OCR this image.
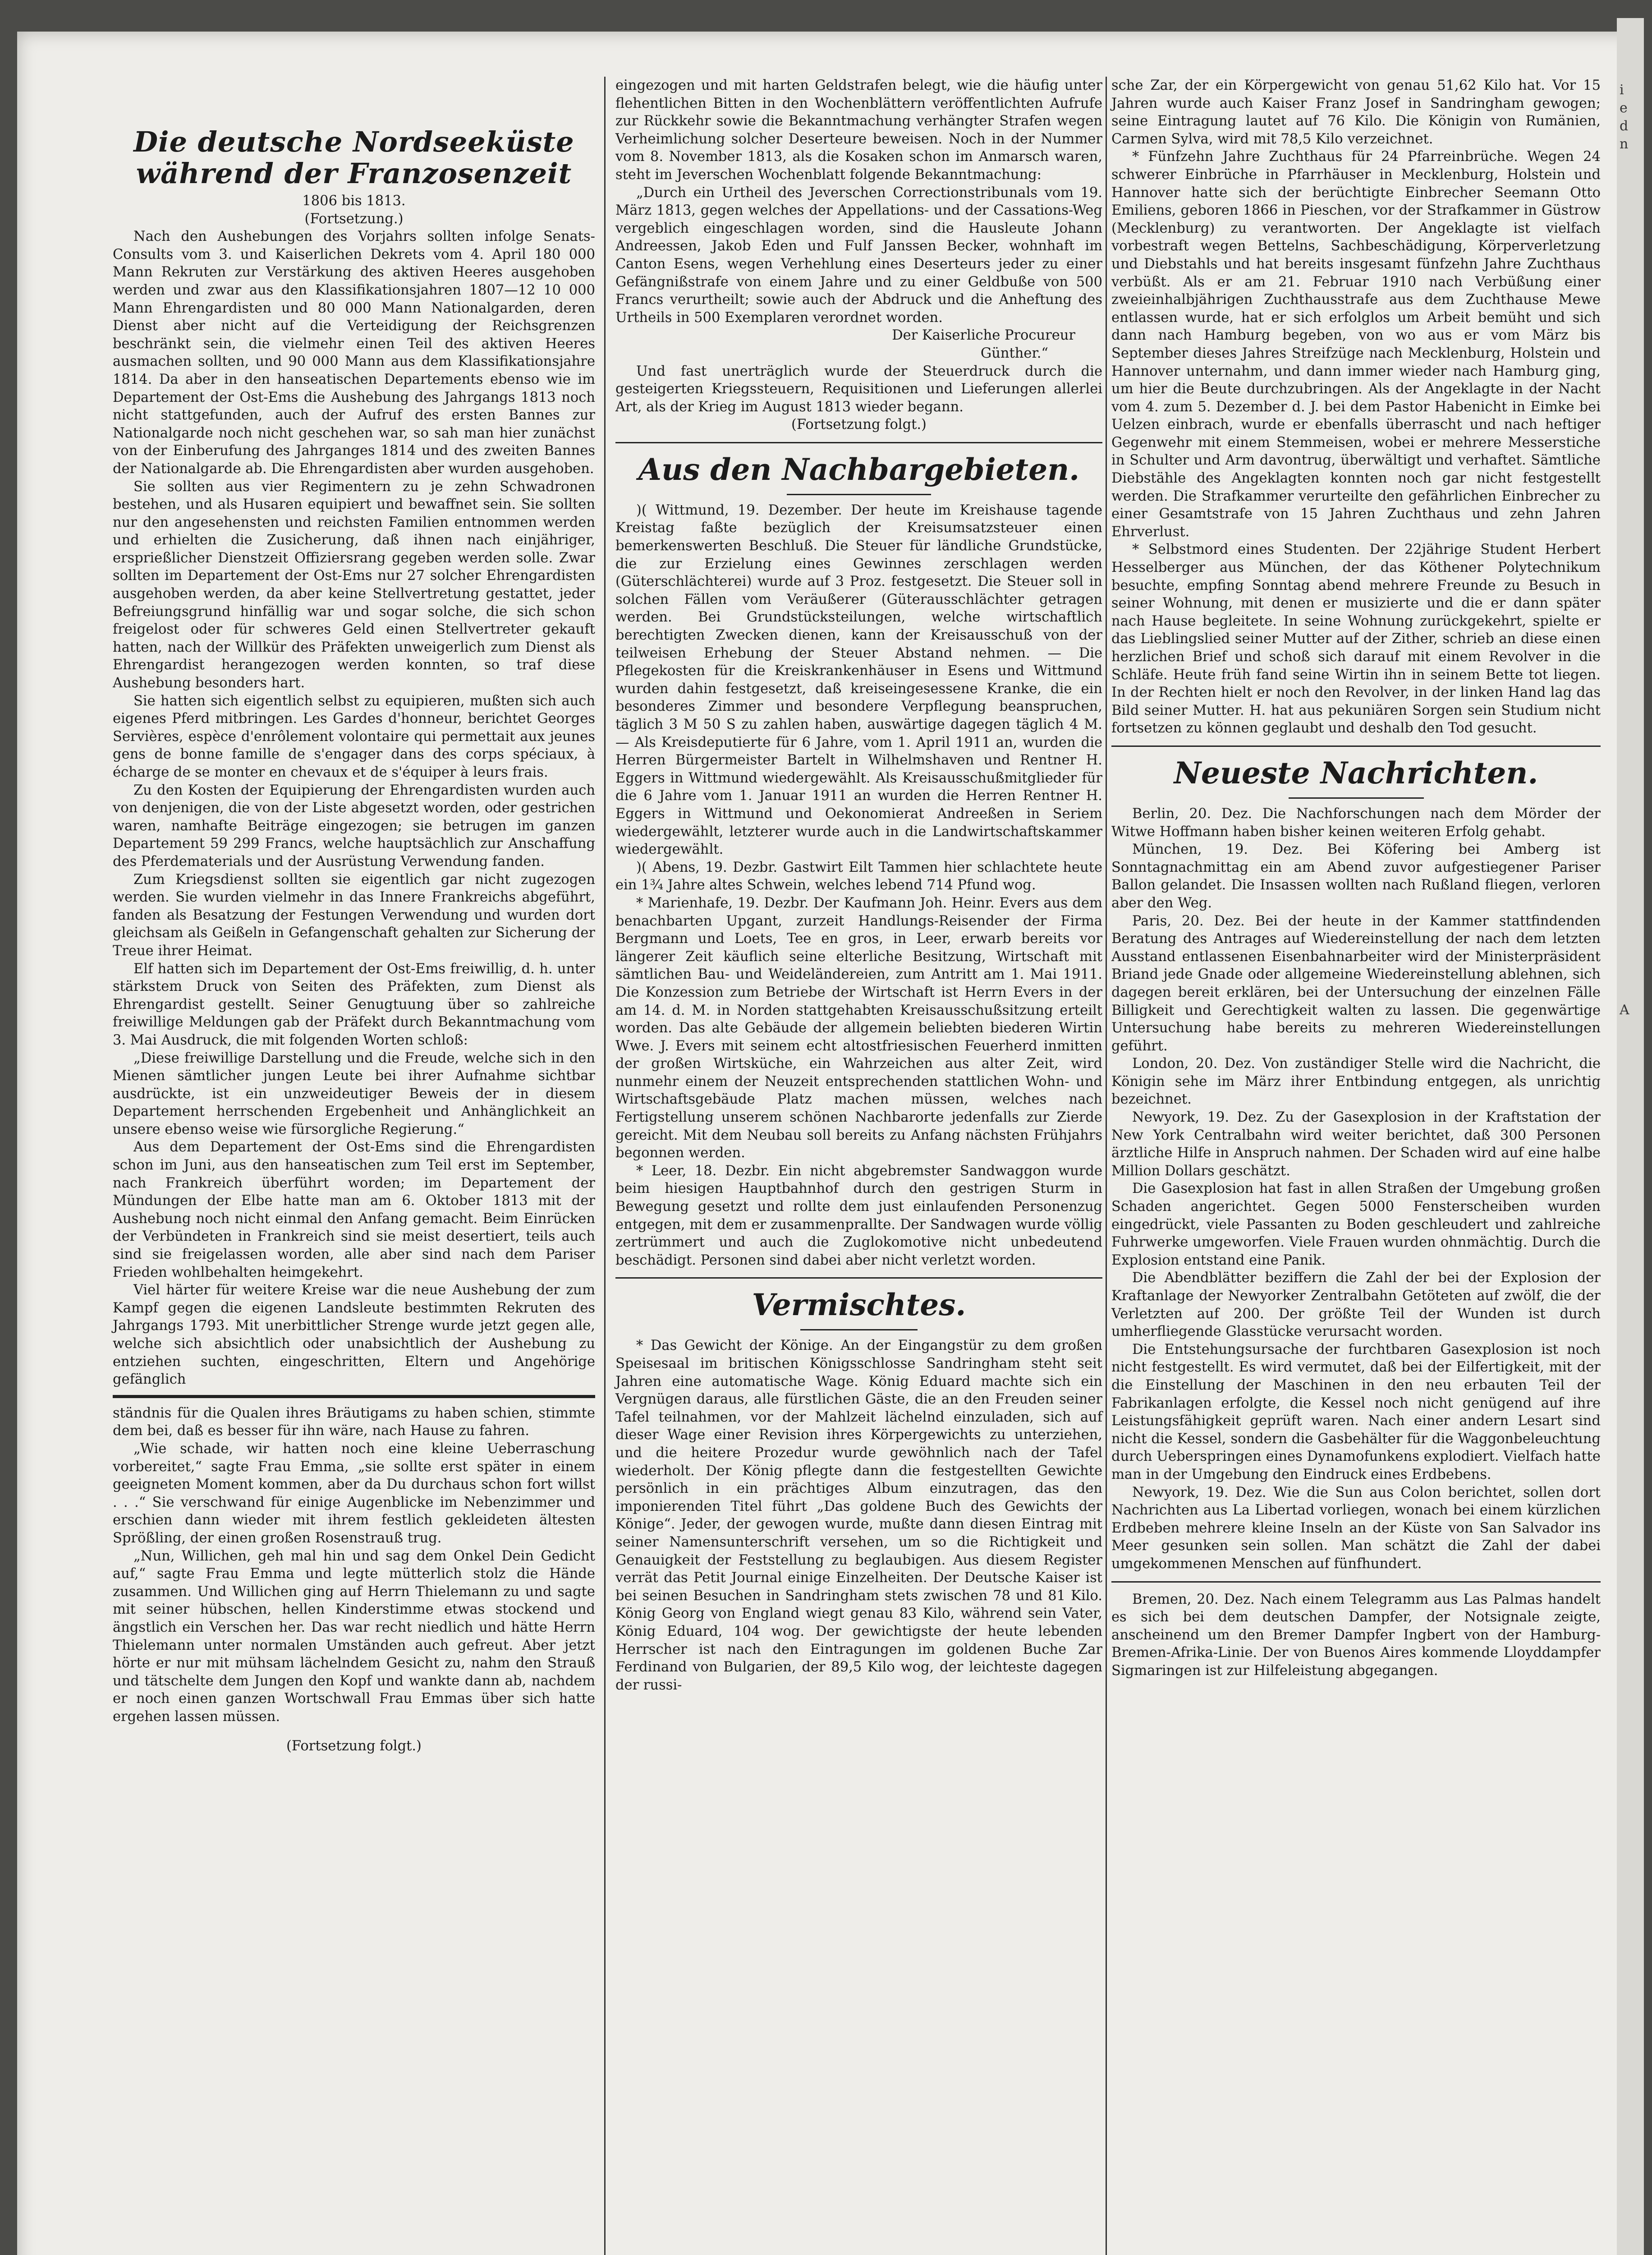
Die deutsche Nordseeküste
während der Franzosenzeit

1806 bis 1813.

(Fortsetzung.)

Nach den Aushebungen des Vorjahrs sollten infolge Senats-Consults vom 3. und Kaiserlichen Dekrets vom 4. April 180 000 Mann Rekruten zur Verstärkung des aktiven Heeres ausgehoben werden und zwar aus den Klassifikationsjahren 1807—12 10 000 Mann Ehrengardisten und 80 000 Mann Nationalgarden, deren Dienst aber nicht auf die Verteidigung der Reichsgrenzen beschränkt sein, die vielmehr einen Teil des aktiven Heeres ausmachen sollten, und 90 000 Mann aus dem Klassifikationsjahre 1814. Da aber in den hanseatischen Departements ebenso wie im Departement der Ost-Ems die Aushebung des Jahrgangs 1813 noch nicht stattgefunden, auch der Aufruf des ersten Bannes zur Nationalgarde noch nicht geschehen war, so sah man hier zunächst von der Einberufung des Jahrganges 1814 und des zweiten Bannes der Nationalgarde ab. Die Ehrengardisten aber wurden ausgehoben.

Sie sollten aus vier Regimentern zu je zehn Schwadronen bestehen, und als Husaren equipiert und bewaffnet sein. Sie sollten nur den angesehensten und reichsten Familien entnommen werden und erhielten die Zusicherung, daß ihnen nach einjähriger, ersprießlicher Dienstzeit Offiziersrang gegeben werden solle. Zwar sollten im Departement der Ost-Ems nur 27 solcher Ehrengardisten ausgehoben werden, da aber keine Stellvertretung gestattet, jeder Befreiungsgrund hinfällig war und sogar solche, die sich schon freigelost oder für schweres Geld einen Stellvertreter gekauft hatten, nach der Willkür des Präfekten unweigerlich zum Dienst als Ehrengardist herangezogen werden konnten, so traf diese Aushebung besonders hart.

Sie hatten sich eigentlich selbst zu equipieren, mußten sich auch eigenes Pferd mitbringen. Les Gardes d'honneur, berichtet Georges Servières, espèce d'enrôlement volontaire qui permettait aux jeunes gens de bonne famille de s'engager dans des corps spéciaux, à écharge de se monter en chevaux et de s'équiper à leurs frais.

Zu den Kosten der Equipierung der Ehrengardisten wurden auch von denjenigen, die von der Liste abgesetzt worden, oder gestrichen waren, namhafte Beiträge eingezogen; sie betrugen im ganzen Departement 59 299 Francs, welche hauptsächlich zur Anschaffung des Pferdematerials und der Ausrüstung Verwendung fanden.

Zum Kriegsdienst sollten sie eigentlich gar nicht zugezogen werden. Sie wurden vielmehr in das Innere Frankreichs abgeführt, fanden als Besatzung der Festungen Verwendung und wurden dort gleichsam als Geißeln in Gefangenschaft gehalten zur Sicherung der Treue ihrer Heimat.

Elf hatten sich im Departement der Ost-Ems freiwillig, d. h. unter stärkstem Druck von Seiten des Präfekten, zum Dienst als Ehrengardist gestellt. Seiner Genugtuung über so zahlreiche freiwillige Meldungen gab der Präfekt durch Bekanntmachung vom 3. Mai Ausdruck, die mit folgenden Worten schloß:

„Diese freiwillige Darstellung und die Freude, welche sich in den Mienen sämtlicher jungen Leute bei ihrer Aufnahme sichtbar ausdrückte, ist ein unzweideutiger Beweis der in diesem Departement herrschenden Ergebenheit und Anhänglichkeit an unsere ebenso weise wie fürsorgliche Regierung.“

Aus dem Departement der Ost-Ems sind die Ehrengardisten schon im Juni, aus den hanseatischen zum Teil erst im September, nach Frankreich überführt worden; im Departement der Mündungen der Elbe hatte man am 6. Oktober 1813 mit der Aushebung noch nicht einmal den Anfang gemacht. Beim Einrücken der Verbündeten in Frankreich sind sie meist desertiert, teils auch sind sie freigelassen worden, alle aber sind nach dem Pariser Frieden wohlbehalten heimgekehrt.

Viel härter für weitere Kreise war die neue Aushebung der zum Kampf gegen die eigenen Landsleute bestimmten Rekruten des Jahrgangs 1793. Mit unerbittlicher Strenge wurde jetzt gegen alle, welche sich absichtlich oder unabsichtlich der Aushebung zu entziehen suchten, eingeschritten, Eltern und Angehörige gefänglich

ständnis für die Qualen ihres Bräutigams zu haben schien, stimmte dem bei, daß es besser für ihn wäre, nach Hause zu fahren.

„Wie schade, wir hatten noch eine kleine Ueberraschung vorbereitet,“ sagte Frau Emma, „sie sollte erst später in einem geeigneten Moment kommen, aber da Du durchaus schon fort willst . . .“ Sie verschwand für einige Augenblicke im Nebenzimmer und erschien dann wieder mit ihrem festlich gekleideten ältesten Sprößling, der einen großen Rosenstrauß trug.

„Nun, Willichen, geh mal hin und sag dem Onkel Dein Gedicht auf,“ sagte Frau Emma und legte mütterlich stolz die Hände zusammen. Und Willichen ging auf Herrn Thielemann zu und sagte mit seiner hübschen, hellen Kinderstimme etwas stockend und ängstlich ein Verschen her. Das war recht niedlich und hätte Herrn Thielemann unter normalen Umständen auch gefreut. Aber jetzt hörte er nur mit mühsam lächelndem Gesicht zu, nahm den Strauß und tätschelte dem Jungen den Kopf und wankte dann ab, nachdem er noch einen ganzen Wortschwall Frau Emmas über sich hatte ergehen lassen müssen.

(Fortsetzung folgt.)

eingezogen und mit harten Geldstrafen belegt, wie die häufig unter flehentlichen Bitten in den Wochenblättern veröffentlichten Aufrufe zur Rückkehr sowie die Bekanntmachung verhängter Strafen wegen Verheimlichung solcher Deserteure beweisen. Noch in der Nummer vom 8. November 1813, als die Kosaken schon im Anmarsch waren, steht im Jeverschen Wochenblatt folgende Bekanntmachung:

„Durch ein Urtheil des Jeverschen Correctionstribunals vom 19. März 1813, gegen welches der Appellations- und der Cassations-Weg vergeblich eingeschlagen worden, sind die Hausleute Johann Andreessen, Jakob Eden und Fulf Janssen Becker, wohnhaft im Canton Esens, wegen Verhehlung eines Deserteurs jeder zu einer Gefängnißstrafe von einem Jahre und zu einer Geldbuße von 500 Francs verurtheilt; sowie auch der Abdruck und die Anheftung des Urtheils in 500 Exemplaren verordnet worden.

Der Kaiserliche Procureur

Günther.“

Und fast unerträglich wurde der Steuerdruck durch die gesteigerten Kriegssteuern, Requisitionen und Lieferungen allerlei Art, als der Krieg im August 1813 wieder begann.

(Fortsetzung folgt.)

Aus den Nachbargebieten.

)( Wittmund, 19. Dezember. Der heute im Kreishause tagende Kreistag faßte bezüglich der Kreisumsatzsteuer einen bemerkenswerten Beschluß. Die Steuer für ländliche Grundstücke, die zur Erzielung eines Gewinnes zerschlagen werden (Güterschlächterei) wurde auf 3 Proz. festgesetzt. Die Steuer soll in solchen Fällen vom Veräußerer (Güterausschlächter getragen werden. Bei Grundstücksteilungen, welche wirtschaftlich berechtigten Zwecken dienen, kann der Kreisausschuß von der teilweisen Erhebung der Steuer Abstand nehmen. — Die Pflegekosten für die Kreiskrankenhäuser in Esens und Wittmund wurden dahin festgesetzt, daß kreiseingesessene Kranke, die ein besonderes Zimmer und besondere Verpflegung beanspruchen, täglich 3 M 50 S zu zahlen haben, auswärtige dagegen täglich 4 M. — Als Kreisdeputierte für 6 Jahre, vom 1. April 1911 an, wurden die Herren Bürgermeister Bartelt in Wilhelmshaven und Rentner H. Eggers in Wittmund wiedergewählt. Als Kreisausschußmitglieder für die 6 Jahre vom 1. Januar 1911 an wurden die Herren Rentner H. Eggers in Wittmund und Oekonomierat Andreeßen in Seriem wiedergewählt, letzterer wurde auch in die Landwirtschaftskammer wiedergewählt.

)( Abens, 19. Dezbr. Gastwirt Eilt Tammen hier schlachtete heute ein 1¾ Jahre altes Schwein, welches lebend 714 Pfund wog.

* Marienhafe, 19. Dezbr. Der Kaufmann Joh. Heinr. Evers aus dem benachbarten Upgant, zurzeit Handlungs-Reisender der Firma Bergmann und Loets, Tee en gros, in Leer, erwarb bereits vor längerer Zeit käuflich seine elterliche Besitzung, Wirtschaft mit sämtlichen Bau- und Weideländereien, zum Antritt am 1. Mai 1911. Die Konzession zum Betriebe der Wirtschaft ist Herrn Evers in der am 14. d. M. in Norden stattgehabten Kreisausschußsitzung erteilt worden. Das alte Gebäude der allgemein beliebten biederen Wirtin Wwe. J. Evers mit seinem echt altostfriesischen Feuerherd inmitten der großen Wirtsküche, ein Wahrzeichen aus alter Zeit, wird nunmehr einem der Neuzeit entsprechenden stattlichen Wohn- und Wirtschaftsgebäude Platz machen müssen, welches nach Fertigstellung unserem schönen Nachbarorte jedenfalls zur Zierde gereicht. Mit dem Neubau soll bereits zu Anfang nächsten Frühjahrs begonnen werden.

* Leer, 18. Dezbr. Ein nicht abgebremster Sandwaggon wurde beim hiesigen Hauptbahnhof durch den gestrigen Sturm in Bewegung gesetzt und rollte dem just einlaufenden Personenzug entgegen, mit dem er zusammenprallte. Der Sandwagen wurde völlig zertrümmert und auch die Zuglokomotive nicht unbedeutend beschädigt. Personen sind dabei aber nicht verletzt worden.

Vermischtes.

* Das Gewicht der Könige. An der Eingangstür zu dem großen Speisesaal im britischen Königsschlosse Sandringham steht seit Jahren eine automatische Wage. König Eduard machte sich ein Vergnügen daraus, alle fürstlichen Gäste, die an den Freuden seiner Tafel teilnahmen, vor der Mahlzeit lächelnd einzuladen, sich auf dieser Wage einer Revision ihres Körpergewichts zu unterziehen, und die heitere Prozedur wurde gewöhnlich nach der Tafel wiederholt. Der König pflegte dann die festgestellten Gewichte persönlich in ein prächtiges Album einzutragen, das den imponierenden Titel führt „Das goldene Buch des Gewichts der Könige“. Jeder, der gewogen wurde, mußte dann diesen Eintrag mit seiner Namensunterschrift versehen, um so die Richtigkeit und Genauigkeit der Feststellung zu beglaubigen. Aus diesem Register verrät das Petit Journal einige Einzelheiten. Der Deutsche Kaiser ist bei seinen Besuchen in Sandringham stets zwischen 78 und 81 Kilo. König Georg von England wiegt genau 83 Kilo, während sein Vater, König Eduard, 104 wog. Der gewichtigste der heute lebenden Herrscher ist nach den Eintragungen im goldenen Buche Zar Ferdinand von Bulgarien, der 89,5 Kilo wog, der leichteste dagegen der russi-

sche Zar, der ein Körpergewicht von genau 51,62 Kilo hat. Vor 15 Jahren wurde auch Kaiser Franz Josef in Sandringham gewogen; seine Eintragung lautet auf 76 Kilo. Die Königin von Rumänien, Carmen Sylva, wird mit 78,5 Kilo verzeichnet.

* Fünfzehn Jahre Zuchthaus für 24 Pfarreinbrüche. Wegen 24 schwerer Einbrüche in Pfarrhäuser in Mecklenburg, Holstein und Hannover hatte sich der berüchtigte Einbrecher Seemann Otto Emiliens, geboren 1866 in Pieschen, vor der Strafkammer in Güstrow (Mecklenburg) zu verantworten. Der Angeklagte ist vielfach vorbestraft wegen Bettelns, Sachbeschädigung, Körperverletzung und Diebstahls und hat bereits insgesamt fünfzehn Jahre Zuchthaus verbüßt. Als er am 21. Februar 1910 nach Verbüßung einer zweieinhalbjährigen Zuchthausstrafe aus dem Zuchthause Mewe entlassen wurde, hat er sich erfolglos um Arbeit bemüht und sich dann nach Hamburg begeben, von wo aus er vom März bis September dieses Jahres Streifzüge nach Mecklenburg, Holstein und Hannover unternahm, und dann immer wieder nach Hamburg ging, um hier die Beute durchzubringen. Als der Angeklagte in der Nacht vom 4. zum 5. Dezember d. J. bei dem Pastor Habenicht in Eimke bei Uelzen einbrach, wurde er ebenfalls überrascht und nach heftiger Gegenwehr mit einem Stemmeisen, wobei er mehrere Messerstiche in Schulter und Arm davontrug, überwältigt und verhaftet. Sämtliche Diebstähle des Angeklagten konnten noch gar nicht festgestellt werden. Die Strafkammer verurteilte den gefährlichen Einbrecher zu einer Gesamtstrafe von 15 Jahren Zuchthaus und zehn Jahren Ehrverlust.

* Selbstmord eines Studenten. Der 22jährige Student Herbert Hesselberger aus München, der das Köthener Polytechnikum besuchte, empfing Sonntag abend mehrere Freunde zu Besuch in seiner Wohnung, mit denen er musizierte und die er dann später nach Hause begleitete. In seine Wohnung zurückgekehrt, spielte er das Lieblingslied seiner Mutter auf der Zither, schrieb an diese einen herzlichen Brief und schoß sich darauf mit einem Revolver in die Schläfe. Heute früh fand seine Wirtin ihn in seinem Bette tot liegen. In der Rechten hielt er noch den Revolver, in der linken Hand lag das Bild seiner Mutter. H. hat aus pekuniären Sorgen sein Studium nicht fortsetzen zu können geglaubt und deshalb den Tod gesucht.

Neueste Nachrichten.

Berlin, 20. Dez. Die Nachforschungen nach dem Mörder der Witwe Hoffmann haben bisher keinen weiteren Erfolg gehabt.

München, 19. Dez. Bei Köfering bei Amberg ist Sonntagnachmittag ein am Abend zuvor aufgestiegener Pariser Ballon gelandet. Die Insassen wollten nach Rußland fliegen, verloren aber den Weg.

Paris, 20. Dez. Bei der heute in der Kammer stattfindenden Beratung des Antrages auf Wiedereinstellung der nach dem letzten Ausstand entlassenen Eisenbahnarbeiter wird der Ministerpräsident Briand jede Gnade oder allgemeine Wiedereinstellung ablehnen, sich dagegen bereit erklären, bei der Untersuchung der einzelnen Fälle Billigkeit und Gerechtigkeit walten zu lassen. Die gegenwärtige Untersuchung habe bereits zu mehreren Wiedereinstellungen geführt.

London, 20. Dez. Von zuständiger Stelle wird die Nachricht, die Königin sehe im März ihrer Entbindung entgegen, als unrichtig bezeichnet.

Newyork, 19. Dez. Zu der Gasexplosion in der Kraftstation der New York Centralbahn wird weiter berichtet, daß 300 Personen ärztliche Hilfe in Anspruch nahmen. Der Schaden wird auf eine halbe Million Dollars geschätzt.

Die Gasexplosion hat fast in allen Straßen der Umgebung großen Schaden angerichtet. Gegen 5000 Fensterscheiben wurden eingedrückt, viele Passanten zu Boden geschleudert und zahlreiche Fuhrwerke umgeworfen. Viele Frauen wurden ohnmächtig. Durch die Explosion entstand eine Panik.

Die Abendblätter beziffern die Zahl der bei der Explosion der Kraftanlage der Newyorker Zentralbahn Getöteten auf zwölf, die der Verletzten auf 200. Der größte Teil der Wunden ist durch umherfliegende Glasstücke verursacht worden.

Die Entstehungsursache der furchtbaren Gasexplosion ist noch nicht festgestellt. Es wird vermutet, daß bei der Eilfertigkeit, mit der die Einstellung der Maschinen in den neu erbauten Teil der Fabrikanlagen erfolgte, die Kessel noch nicht genügend auf ihre Leistungsfähigkeit geprüft waren. Nach einer andern Lesart sind nicht die Kessel, sondern die Gasbehälter für die Waggonbeleuchtung durch Ueberspringen eines Dynamofunkens explodiert. Vielfach hatte man in der Umgebung den Eindruck eines Erdbebens.

Newyork, 19. Dez. Wie die Sun aus Colon berichtet, sollen dort Nachrichten aus La Libertad vorliegen, wonach bei einem kürzlichen Erdbeben mehrere kleine Inseln an der Küste von San Salvador ins Meer gesunken sein sollen. Man schätzt die Zahl der dabei umgekommenen Menschen auf fünfhundert.

Bremen, 20. Dez. Nach einem Telegramm aus Las Palmas handelt es sich bei dem deutschen Dampfer, der Notsignale zeigte, anscheinend um den Bremer Dampfer Ingbert von der Hamburg-Bremen-Afrika-Linie. Der von Buenos Aires kommende Lloyddampfer Sigmaringen ist zur Hilfeleistung abgegangen.

i
e
d
n

A
